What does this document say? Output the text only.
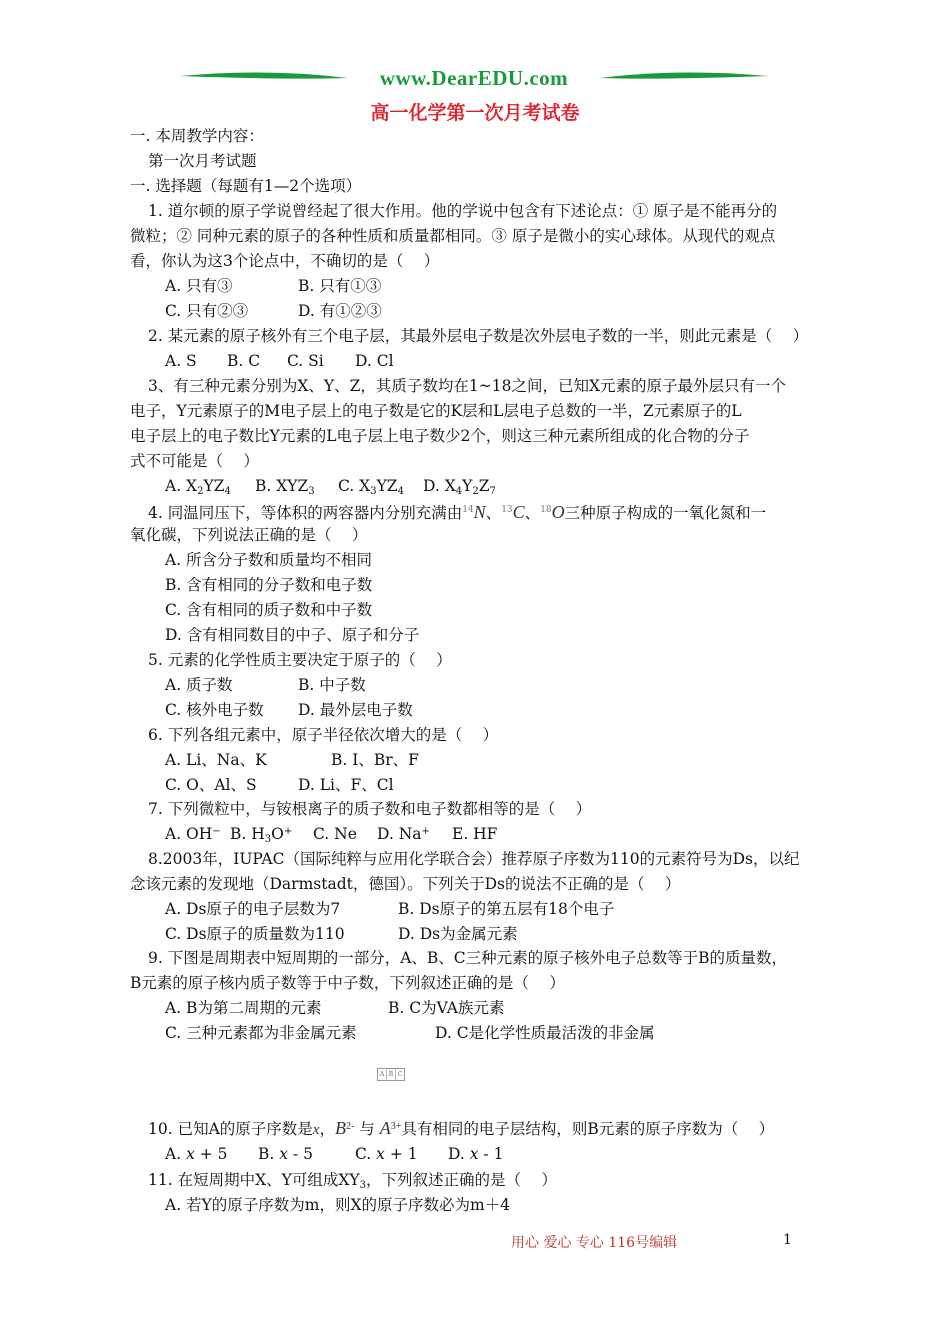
www.DearEDU.com
高一化学第一次月考试卷
一. 本周教学内容：
第一次月考试题
一. 选择题（每题有1—2个选项）
1. 道尔顿的原子学说曾经起了很大作用。他的学说中包含有下述论点：① 原子是不能再分的
微粒；② 同种元素的原子的各种性质和质量都相同。③ 原子是微小的实心球体。从现代的观点
看，你认为这3个论点中，不确切的是（　 ）
A. 只有③	B. 只有①③
C. 只有②③	D. 有①②③
2. 某元素的原子核外有三个电子层，其最外层电子数是次外层电子数的一半，则此元素是（　 ）
A. S B. C C. Si D. Cl
3、有三种元素分别为X、Y、Z，其质子数均在1~18之间，已知X元素的原子最外层只有一个
电子，Y元素原子的M电子层上的电子数是它的K层和L层电子总数的一半，Z元素原子的L
电子层上的电子数比Y元素的L电子层上电子数少2个，则这三种元素所组成的化合物的分子
式不可能是（　 ）
A. $X_2YZ_4$ B. $XYZ_3$ C. $X_3YZ_4$ D. $X_4Y_2Z_7$
4. 同温同压下，等体积的两容器内分别充满由$^{14}$N、$^{13}$C、$^{18}$O三种原子构成的一氧化氮和一
氧化碳，下列说法正确的是（　 ）
A. 所含分子数和质量均不相同
B. 含有相同的分子数和电子数
C. 含有相同的质子数和中子数
D. 含有相同数目的中子、原子和分子
5. 元素的化学性质主要决定于原子的（　 ）
A. 质子数	B. 中子数
C. 核外电子数 D. 最外层电子数
6. 下列各组元素中，原子半径依次增大的是（　 ）
A. Li、Na、K	B. I、Br、F
C. O、Al、S	D. Li、F、Cl
7. 下列微粒中，与铵根离子的质子数和电子数都相等的是（　 ）
A. OH− B. $H_3O^+$ C. Ne D. Na+ E. HF
8.2003年，IUPAC（国际纯粹与应用化学联合会）推荐原子序数为110的元素符号为Ds，以纪
念该元素的发现地（Darmstadt，德国）。下列关于Ds的说法不正确的是（　 ）
A. Ds原子的电子层数为7	B. Ds原子的第五层有18个电子
C. Ds原子的质量数为110	D. Ds为金属元素
9. 下图是周期表中短周期的一部分，A、B、C三种元素的原子核外电子总数等于B的质量数，
B元素的原子核内质子数等于中子数，下列叙述正确的是（　 ）
A. B为第二周期的元素	B. C为VA族元素
C. 三种元素都为非金属元素	D. C是化学性质最活泼的非金属
A B C
10. 已知A的原子序数是x，$B^{2-}$ 与 $A^{3+}$具有相同的电子层结构，则B元素的原子序数为（　 ）
A. x + 5 B. x - 5	C. x + 1 D. x - 1
11. 在短周期中X、Y可组成$XY_3$，下列叙述正确的是（　 ）
A. 若Y的原子序数为m，则X的原子序数必为m＋4
用心 爱心 专心 116号编辑	1
